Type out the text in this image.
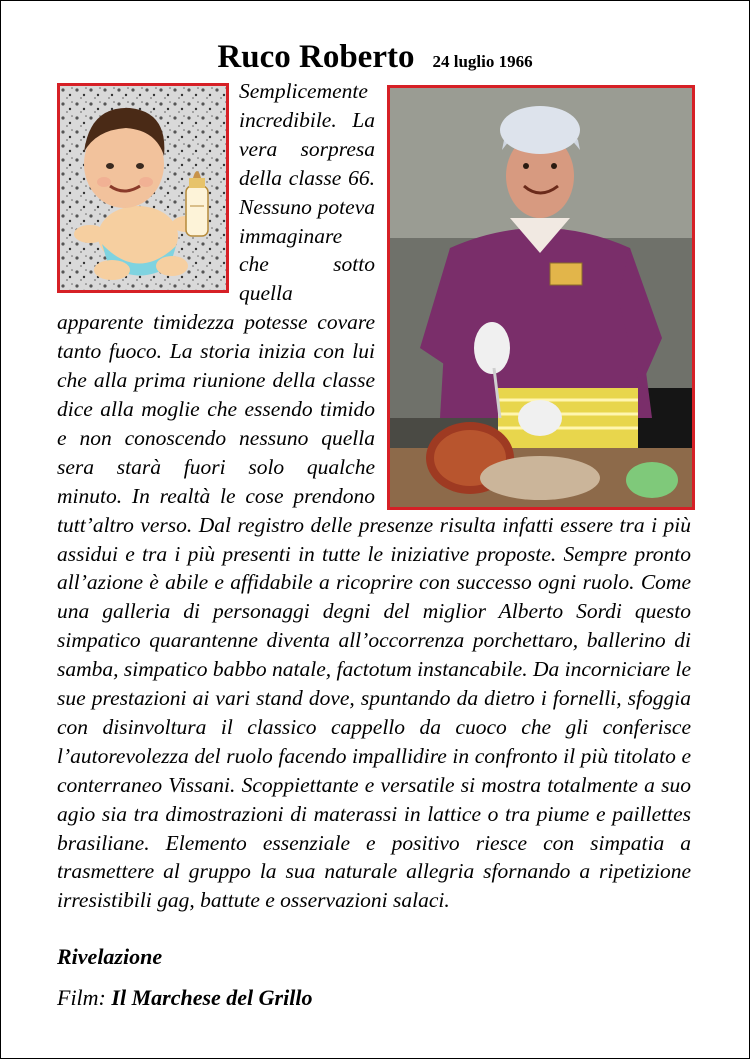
Ruco Roberto 24 luglio 1966
Semplicemente incredibile. La vera sorpresa della classe 66. Nessuno poteva immaginare che sotto quella apparente timidezza potesse covare tanto fuoco. La storia inizia con lui che alla prima riunione della classe dice alla moglie che essendo timido e non conoscendo nessuno quella sera starà fuori solo qualche minuto. In realtà le cose prendono tutt’altro verso. Dal registro delle presenze risulta infatti essere tra i più assidui e tra i più presenti in tutte le iniziative proposte. Sempre pronto all’azione è abile e affidabile a ricoprire con successo ogni ruolo. Come una galleria di personaggi degni del miglior Alberto Sordi questo simpatico quarantenne diventa all’occorrenza porchettaro, ballerino di samba, simpatico babbo natale, factotum instancabile. Da incorniciare le sue prestazioni ai vari stand dove, spuntando da dietro i fornelli, sfoggia con disinvoltura il classico cappello da cuoco che gli conferisce l’autorevolezza del ruolo facendo impallidire in confronto il più titolato e conterraneo Vissani. Scoppiettante e versatile si mostra totalmente a suo agio sia tra dimostrazioni di materassi in lattice o tra piume e paillettes brasiliane. Elemento essenziale e positivo riesce con simpatia a trasmettere al gruppo la sua naturale allegria sfornando a ripetizione irresistibili gag, battute e osservazioni salaci.
Rivelazione
Film: Il Marchese del Grillo
